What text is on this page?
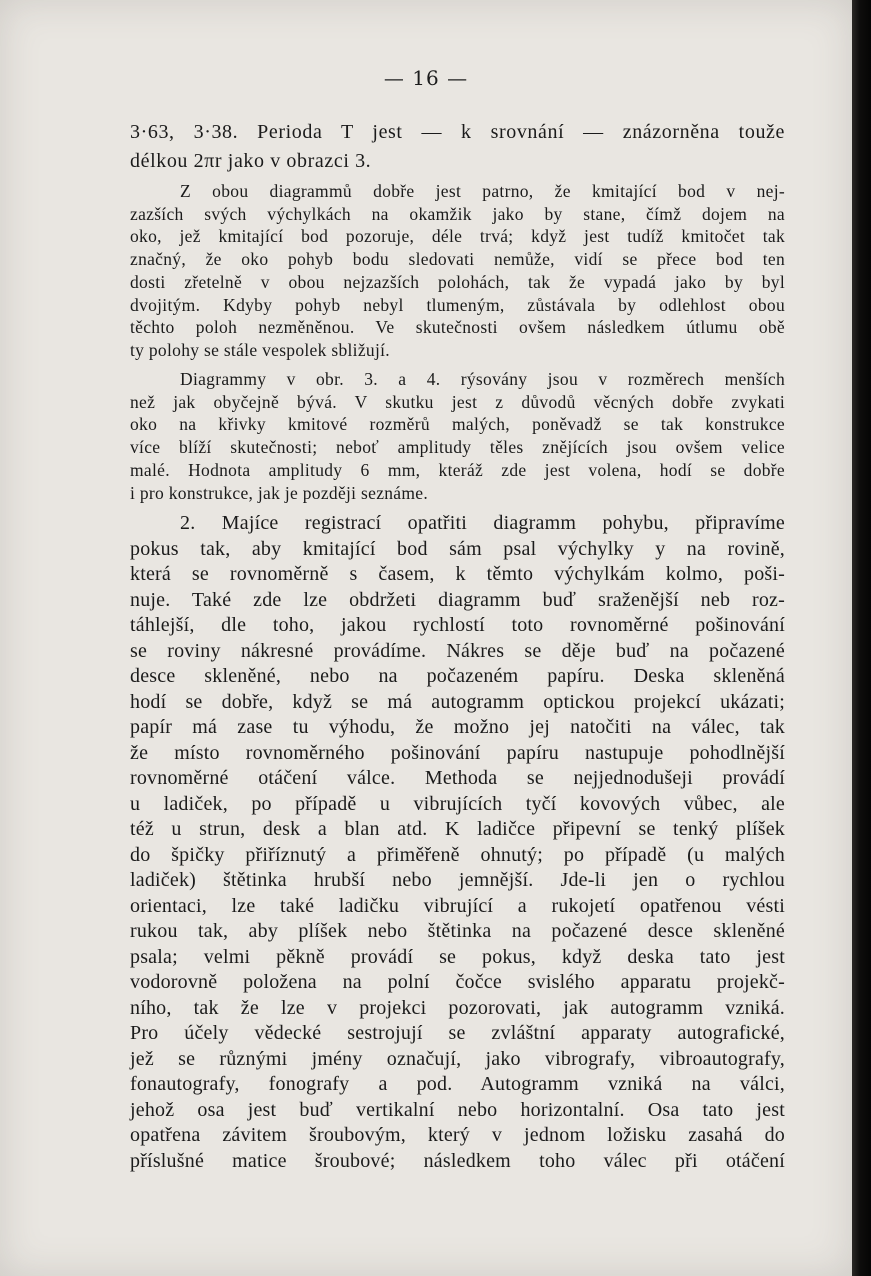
— 16 —
3·63, 3·38. Perioda T jest — k srovnání — znázorněna touže
délkou 2πr jako v obrazci 3.
Z obou diagrammů dobře jest patrno, že kmitající bod v nej-
zazších svých výchylkách na okamžik jako by stane, čímž dojem na
oko, jež kmitající bod pozoruje, déle trvá; když jest tudíž kmitočet tak
značný, že oko pohyb bodu sledovati nemůže, vidí se přece bod ten
dosti zřetelně v obou nejzazších polohách, tak že vypadá jako by byl
dvojitým. Kdyby pohyb nebyl tlumeným, zůstávala by odlehlost obou
těchto poloh nezměněnou. Ve skutečnosti ovšem následkem útlumu obě
ty polohy se stále vespolek sbližují.
Diagrammy v obr. 3. a 4. rýsovány jsou v rozměrech menších
než jak obyčejně bývá. V skutku jest z důvodů věcných dobře zvykati
oko na křivky kmitové rozměrů malých, poněvadž se tak konstrukce
více blíží skutečnosti; neboť amplitudy těles znějících jsou ovšem velice
malé. Hodnota amplitudy 6 mm, kteráž zde jest volena, hodí se dobře
i pro konstrukce, jak je později seznáme.
2. Majíce registrací opatřiti diagramm pohybu, připravíme
pokus tak, aby kmitající bod sám psal výchylky y na rovině,
která se rovnoměrně s časem, k těmto výchylkám kolmo, poši-
nuje. Také zde lze obdržeti diagramm buď sraženější neb roz-
táhlejší, dle toho, jakou rychlostí toto rovnoměrné pošinování
se roviny nákresné provádíme. Nákres se děje buď na počazené
desce skleněné, nebo na počazeném papíru. Deska skleněná
hodí se dobře, když se má autogramm optickou projekcí ukázati;
papír má zase tu výhodu, že možno jej natočiti na válec, tak
že místo rovnoměrného pošinování papíru nastupuje pohodlnější
rovnoměrné otáčení válce. Methoda se nejjednodušeji provádí
u ladiček, po případě u vibrujících tyčí kovových vůbec, ale
též u strun, desk a blan atd. K ladičce připevní se tenký plíšek
do špičky přiříznutý a přiměřeně ohnutý; po případě (u malých
ladiček) štětinka hrubší nebo jemnější. Jde-li jen o rychlou
orientaci, lze také ladičku vibrující a rukojetí opatřenou vésti
rukou tak, aby plíšek nebo štětinka na počazené desce skleněné
psala; velmi pěkně provádí se pokus, když deska tato jest
vodorovně položena na polní čočce svislého apparatu projekč-
ního, tak že lze v projekci pozorovati, jak autogramm vzniká.
Pro účely vědecké sestrojují se zvláštní apparaty autografické,
jež se různými jmény označují, jako vibrografy, vibroautografy,
fonautografy, fonografy a pod. Autogramm vzniká na válci,
jehož osa jest buď vertikalní nebo horizontalní. Osa tato jest
opatřena závitem šroubovým, který v jednom ložisku zasahá do
příslušné matice šroubové; následkem toho válec při otáčení
